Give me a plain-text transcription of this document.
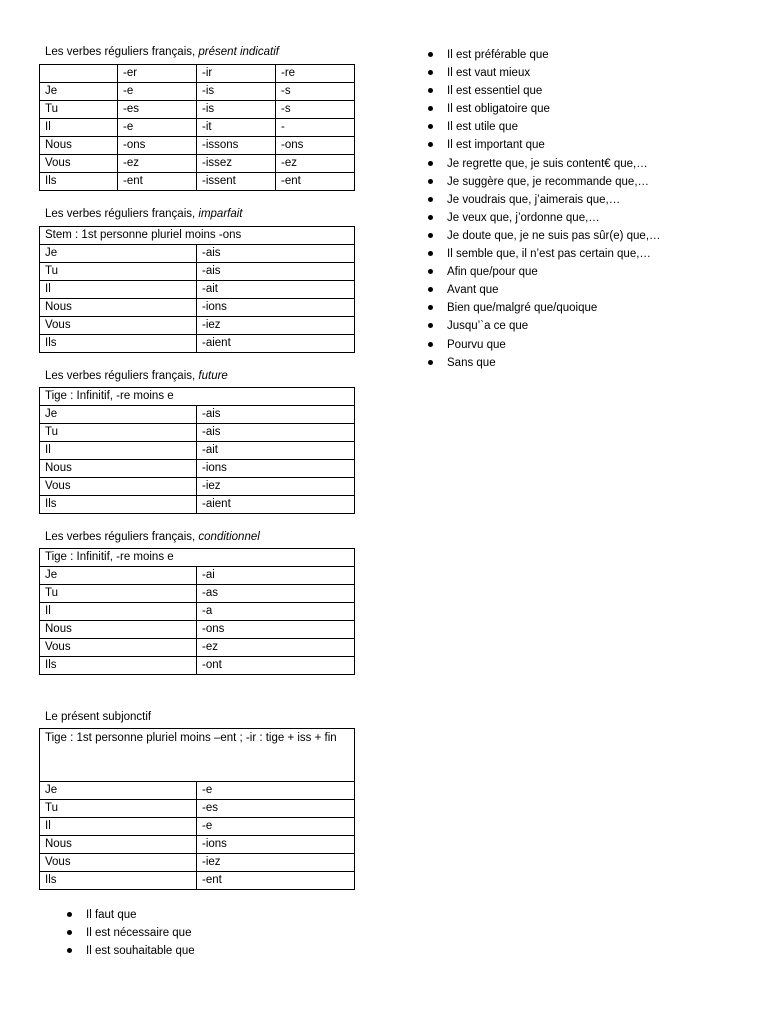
Les verbes réguliers français, présent indicatif
	-er	-ir	-re
Je	-e	-is	-s
Tu	-es	-is	-s
Il	-e	-it	-
Nous	-ons	-issons	-ons
Vous	-ez	-issez	-ez
Ils	-ent	-issent	-ent
Les verbes réguliers français, imparfait
Stem : 1st personne pluriel moins -ons	
Je	-ais
Tu	-ais
Il	-ait
Nous	-ions
Vous	-iez
Ils	-aient
Les verbes réguliers français, future
Tige : Infinitif, -re moins e	
Je	-ais
Tu	-ais
Il	-ait
Nous	-ions
Vous	-iez
Ils	-aient
Les verbes réguliers français, conditionnel
Tige : Infinitif, -re moins e	
Je	-ai
Tu	-as
Il	-a
Nous	-ons
Vous	-ez
Ils	-ont
Le présent subjonctif
Tige : 1st personne pluriel moins –ent ; -ir : tige + iss + fin	
Je	-e
Tu	-es
Il	-e
Nous	-ions
Vous	-iez
Ils	-ent
Il faut que
Il est nécessaire que
Il est souhaitable que
Il est préférable que
Il est vaut mieux
Il est essentiel que
Il est obligatoire que
Il est utile que
Il est important que
Je regrette que, je suis content€ que,…
Je suggère que, je recommande que,…
Je voudrais que, j’aimerais que,…
Je veux que, j’ordonne que,…
Je doute que, je ne suis pas sûr(e) que,…
Il semble que, il n’est pas certain que,…
Afin que/pour que
Avant que
Bien que/malgré que/quoique
Jusqu’`a ce que
Pourvu que
Sans que
